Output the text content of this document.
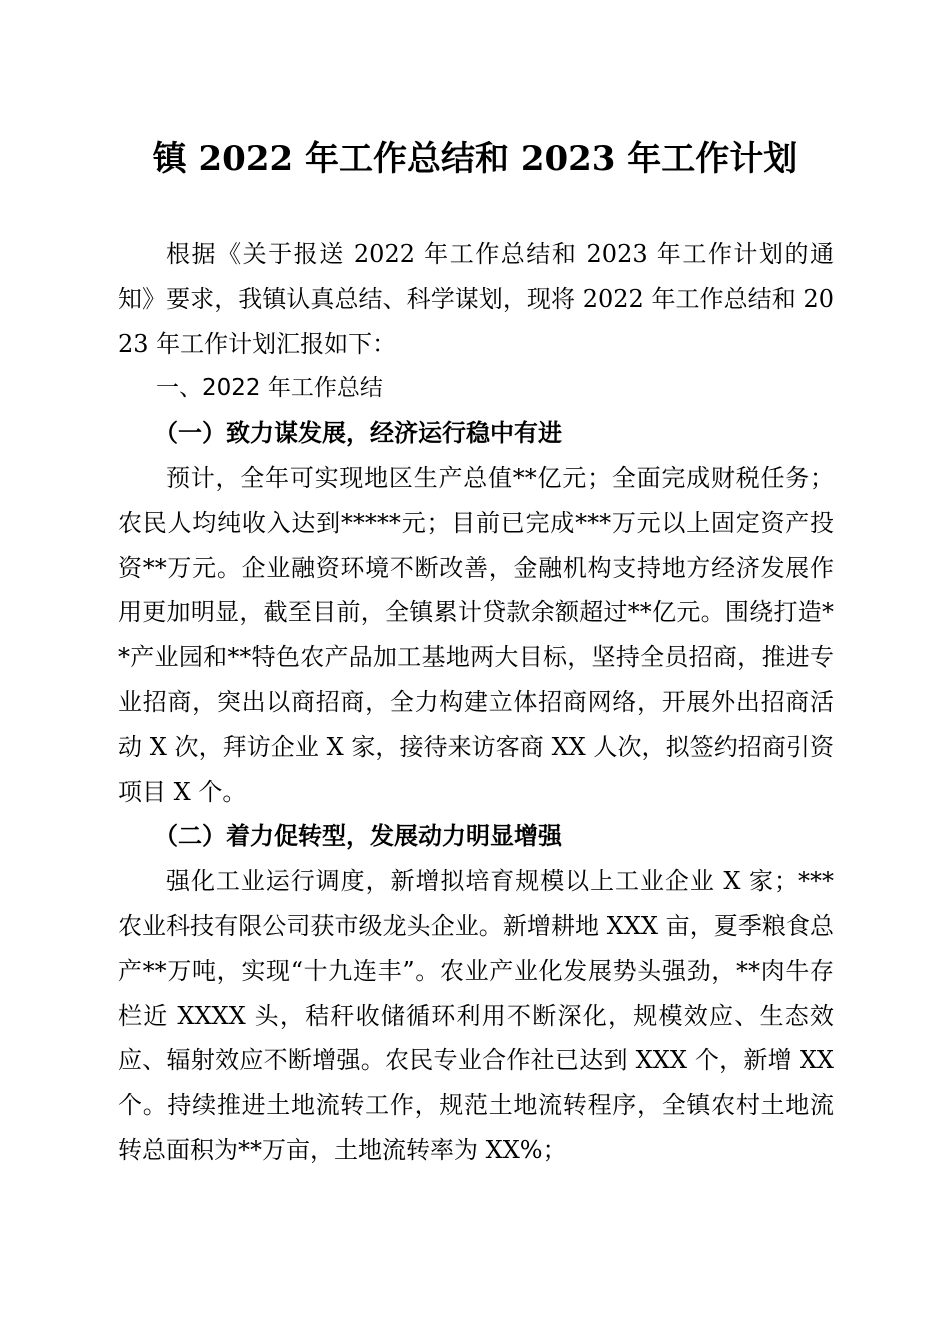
镇 2022 年工作总结和 2023 年工作计划

根据《关于报送 2022 年工作总结和 2023 年工作计划的通知》要求，我镇认真总结、科学谋划，现将 2022 年工作总结和 2023 年工作计划汇报如下：

一、2022 年工作总结

（一）致力谋发展，经济运行稳中有进

预计，全年可实现地区生产总值**亿元；全面完成财税任务；农民人均纯收入达到*****元；目前已完成***万元以上固定资产投资**万元。企业融资环境不断改善，金融机构支持地方经济发展作用更加明显，截至目前，全镇累计贷款余额超过**亿元。围绕打造**产业园和**特色农产品加工基地两大目标，坚持全员招商，推进专业招商，突出以商招商，全力构建立体招商网络，开展外出招商活动 X 次，拜访企业 X 家，接待来访客商 XX 人次，拟签约招商引资项目 X 个。

（二）着力促转型，发展动力明显增强

强化工业运行调度，新增拟培育规模以上工业企业 X 家；***农业科技有限公司获市级龙头企业。新增耕地 XXX 亩，夏季粮食总产**万吨，实现“十九连丰”。农业产业化发展势头强劲，**肉牛存栏近 XXXX 头，秸秆收储循环利用不断深化，规模效应、生态效应、辐射效应不断增强。农民专业合作社已达到 XXX 个，新增 XX 个。持续推进土地流转工作，规范土地流转程序，全镇农村土地流转总面积为**万亩，土地流转率为 XX%；
